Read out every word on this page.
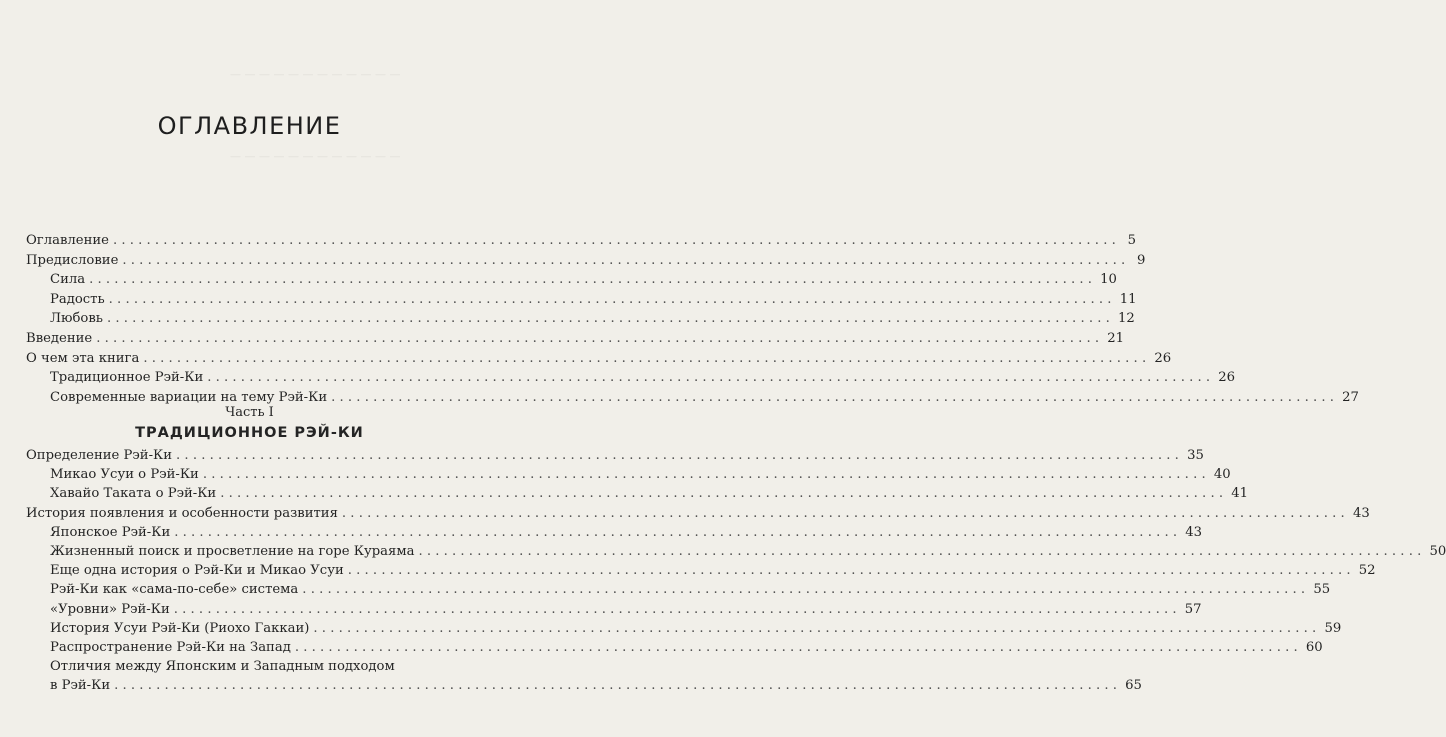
— — — — — — — — — — — —
— — — — — — — — — — — —
ОГЛАВЛЕНИЕ
Оглавление ........................................................................................................................ 5
Предисловие ........................................................................................................................ 9
Сила ........................................................................................................................ 10
Радость ........................................................................................................................ 11
Любовь ........................................................................................................................ 12
Введение ........................................................................................................................ 21
О чем эта книга ........................................................................................................................ 26
Традиционное Рэй-Ки ........................................................................................................................ 26
Современные вариации на тему Рэй-Ки ........................................................................................................................ 27
Часть I
ТРАДИЦИОННОЕ РЭЙ-КИ
Определение Рэй-Ки ........................................................................................................................ 35
Микао Усуи о Рэй-Ки ........................................................................................................................ 40
Хавайо Таката о Рэй-Ки ........................................................................................................................ 41
История появления и особенности развития ........................................................................................................................ 43
Японское Рэй-Ки ........................................................................................................................ 43
Жизненный поиск и просветление на горе Кураяма ........................................................................................................................ 50
Еще одна история о Рэй-Ки и Микао Усуи ........................................................................................................................ 52
Рэй-Ки как «сама-по-себе» система ........................................................................................................................ 55
«Уровни» Рэй-Ки ........................................................................................................................ 57
История Усуи Рэй-Ки (Риохо Гаккаи) ........................................................................................................................ 59
Распространение Рэй-Ки на Запад ........................................................................................................................ 60
Отличия между Японским и Западным подходом
в Рэй-Ки ........................................................................................................................ 65
